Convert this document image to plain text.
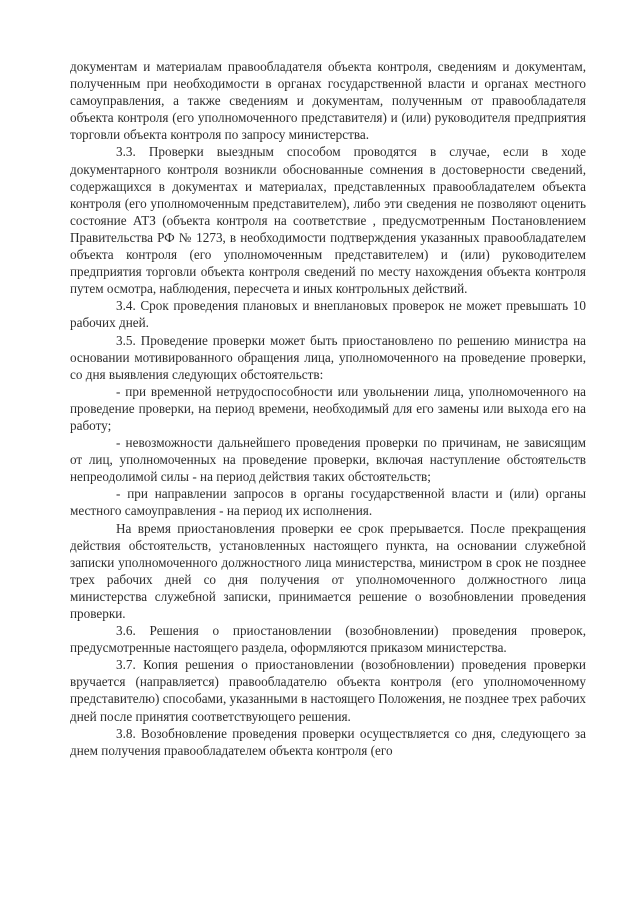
документам и материалам правообладателя объекта контроля, сведениям и документам, полученным при необходимости в органах государственной власти и органах местного самоуправления, а также сведениям и документам, полученным от правообладателя объекта контроля (его уполномоченного представителя) и (или) руководителя предприятия торговли объекта контроля по запросу министерства.

3.3. Проверки выездным способом проводятся в случае, если в ходе документарного контроля возникли обоснованные сомнения в достоверности сведений, содержащихся в документах и материалах, представленных правообладателем объекта контроля (его уполномоченным представителем), либо эти сведения не позволяют оценить состояние АТЗ (объекта контроля на соответствие , предусмотренным Постановлением Правительства РФ № 1273, в необходимости подтверждения указанных правообладателем объекта контроля (его уполномоченным представителем) и (или) руководителем предприятия торговли объекта контроля сведений по месту нахождения объекта контроля путем осмотра, наблюдения, пересчета и иных контрольных действий.

3.4. Срок проведения плановых и внеплановых проверок не может превышать 10 рабочих дней.

3.5. Проведение проверки может быть приостановлено по решению министра на основании мотивированного обращения лица, уполномоченного на проведение проверки, со дня выявления следующих обстоятельств:

- при временной нетрудоспособности или увольнении лица, уполномоченного на проведение проверки, на период времени, необходимый для его замены или выхода его на работу;

- невозможности дальнейшего проведения проверки по причинам, не зависящим от лиц, уполномоченных на проведение проверки, включая наступление обстоятельств непреодолимой силы - на период действия таких обстоятельств;

- при направлении запросов в органы государственной власти и (или) органы местного самоуправления - на период их исполнения.

На время приостановления проверки ее срок прерывается. После прекращения действия обстоятельств, установленных настоящего пункта, на основании служебной записки уполномоченного должностного лица министерства, министром в срок не позднее трех рабочих дней со дня получения от уполномоченного должностного лица министерства служебной записки, принимается решение о возобновлении проведения проверки.

3.6. Решения о приостановлении (возобновлении) проведения проверок, предусмотренные настоящего раздела, оформляются приказом министерства.

3.7. Копия решения о приостановлении (возобновлении) проведения проверки вручается (направляется) правообладателю объекта контроля (его уполномоченному представителю) способами, указанными в настоящего Положения, не позднее трех рабочих дней после принятия соответствующего решения.

3.8. Возобновление проведения проверки осуществляется со дня, следующего за днем получения правообладателем объекта контроля (его
